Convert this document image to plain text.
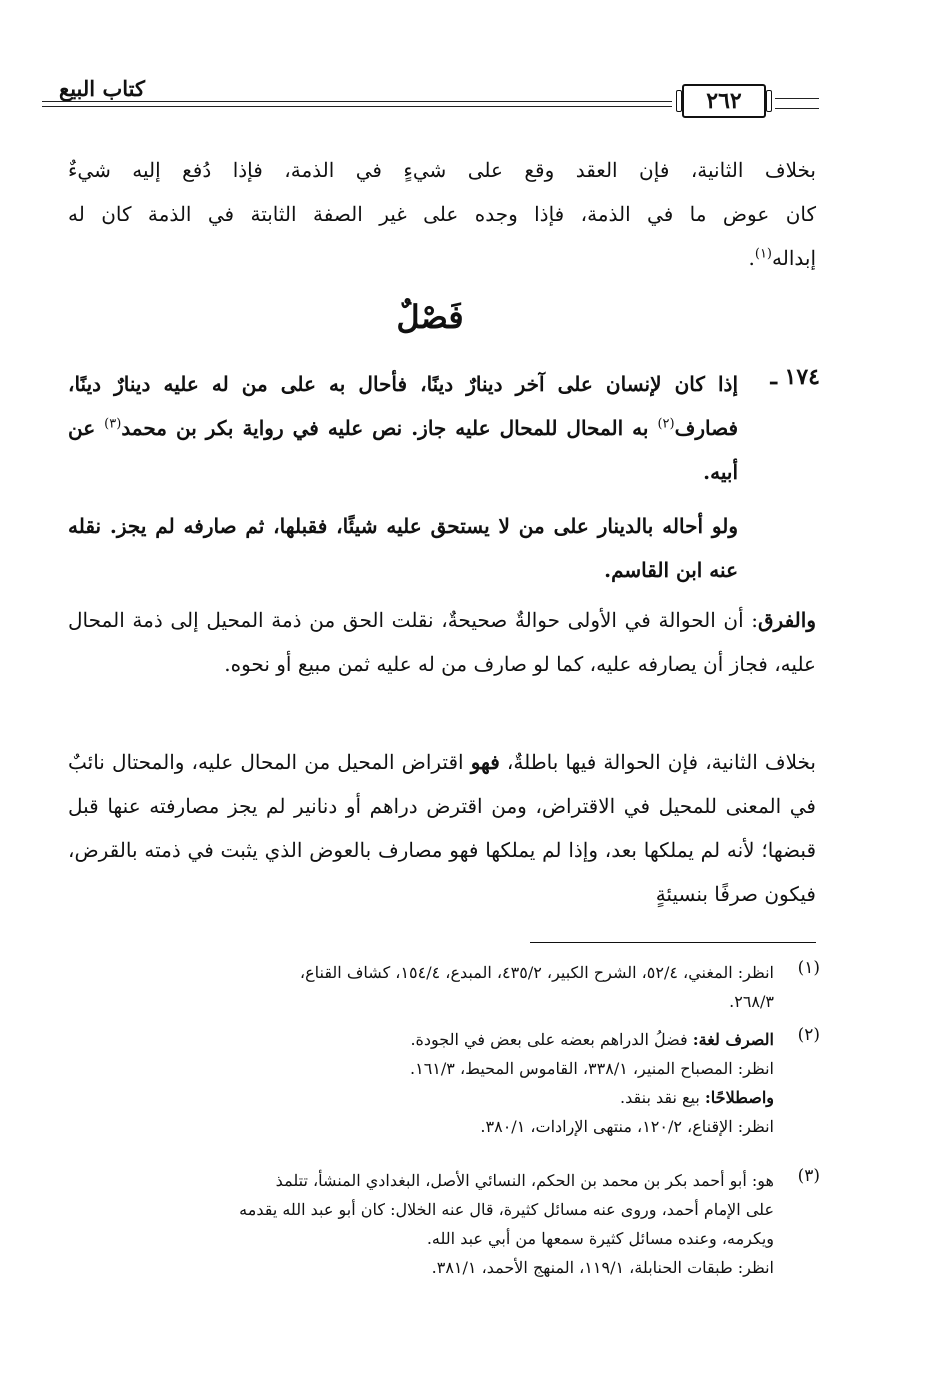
كتاب البيع	٢٦٢
بخلاف الثانية، فإن العقد وقع على شيءٍ في الذمة، فإذا دُفع إليه شيءٌ
كان عوض ما في الذمة، فإذا وجده على غير الصفة الثابتة في الذمة كان له
إبداله$^{(١)}$.
فَصْلٌ
١٧٤ ـ
إذا كان لإنسان على آخر دينارٌ دينًا، فأحال به على من له عليه دينارٌ دينًا، فصارف$^{(٢)}$ به المحال للمحال عليه جاز. نص عليه في رواية بكر بن محمد$^{(٣)}$ عن أبيه.
ولو أحاله بالدينار على من لا يستحق عليه شيئًا، فقبلها، ثم صارفه لم يجز. نقله عنه ابن القاسم.
والفرق: أن الحوالة في الأولى حوالةٌ صحيحةٌ، نقلت الحق من ذمة المحيل إلى ذمة المحال عليه، فجاز أن يصارفه عليه، كما لو صارف من له عليه ثمن مبيع أو نحوه.
بخلاف الثانية، فإن الحوالة فيها باطلةٌ، فهو اقتراض المحيل من المحال عليه، والمحتال نائبٌ في المعنى للمحيل في الاقتراض، ومن اقترض دراهم أو دنانير لم يجز مصارفته عنها قبل قبضها؛ لأنه لم يملكها بعد، وإذا لم يملكها فهو مصارف بالعوض الذي يثبت في ذمته بالقرض، فيكون صرفًا بنسيئةٍ
(١)
انظر: المغني، ٥٢/٤، الشرح الكبير، ٤٣٥/٢، المبدع، ١٥٤/٤، كشاف القناع،
٢٦٨/٣.
(٢)
الصرف لغة: فضلُ الدراهم بعضه على بعض في الجودة.
انظر: المصباح المنير، ٣٣٨/١، القاموس المحيط، ١٦١/٣.
واصطلاحًا: بيع نقد بنقد.
انظر: الإقناع، ١٢٠/٢، منتهى الإرادات، ٣٨٠/١.
(٣)
هو: أبو أحمد بكر بن محمد بن الحكم، النسائي الأصل، البغدادي المنشأ، تتلمذ
على الإمام أحمد، وروى عنه مسائل كثيرة، قال عنه الخلال: كان أبو عبد الله يقدمه
ويكرمه، وعنده مسائل كثيرة سمعها من أبي عبد الله.
انظر: طبقات الحنابلة، ١١٩/١، المنهج الأحمد، ٣٨١/١.
